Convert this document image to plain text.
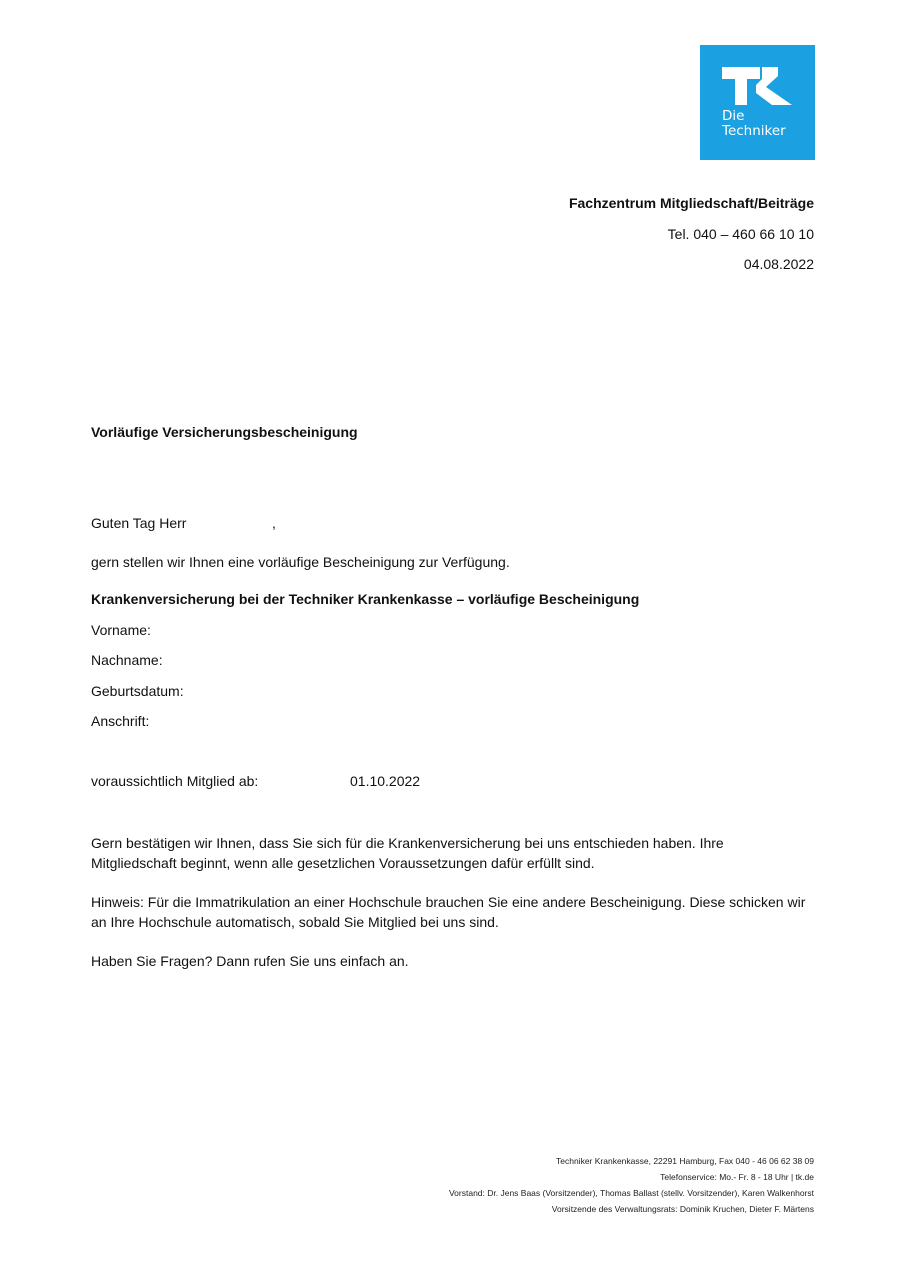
Die
Techniker
Fachzentrum Mitgliedschaft/Beiträge
Tel. 040 – 460 66 10 10
04.08.2022
Vorläufige Versicherungsbescheinigung
Guten Tag Herr	,
gern stellen wir Ihnen eine vorläufige Bescheinigung zur Verfügung.
Krankenversicherung bei der Techniker Krankenkasse – vorläufige Bescheinigung
Vorname:
Nachname:
Geburtsdatum:
Anschrift:
voraussichtlich Mitglied ab:	01.10.2022
Gern bestätigen wir Ihnen, dass Sie sich für die Krankenversicherung bei uns entschieden haben. Ihre Mitgliedschaft beginnt, wenn alle gesetzlichen Voraussetzungen dafür erfüllt sind.
Hinweis: Für die Immatrikulation an einer Hochschule brauchen Sie eine andere Bescheinigung. Diese schicken wir an Ihre Hochschule automatisch, sobald Sie Mitglied bei uns sind.
Haben Sie Fragen? Dann rufen Sie uns einfach an.
Techniker Krankenkasse, 22291 Hamburg, Fax 040 - 46 06 62 38 09
Telefonservice: Mo.- Fr. 8 - 18 Uhr | tk.de
Vorstand: Dr. Jens Baas (Vorsitzender), Thomas Ballast (stellv. Vorsitzender), Karen Walkenhorst
Vorsitzende des Verwaltungsrats: Dominik Kruchen, Dieter F. Märtens
